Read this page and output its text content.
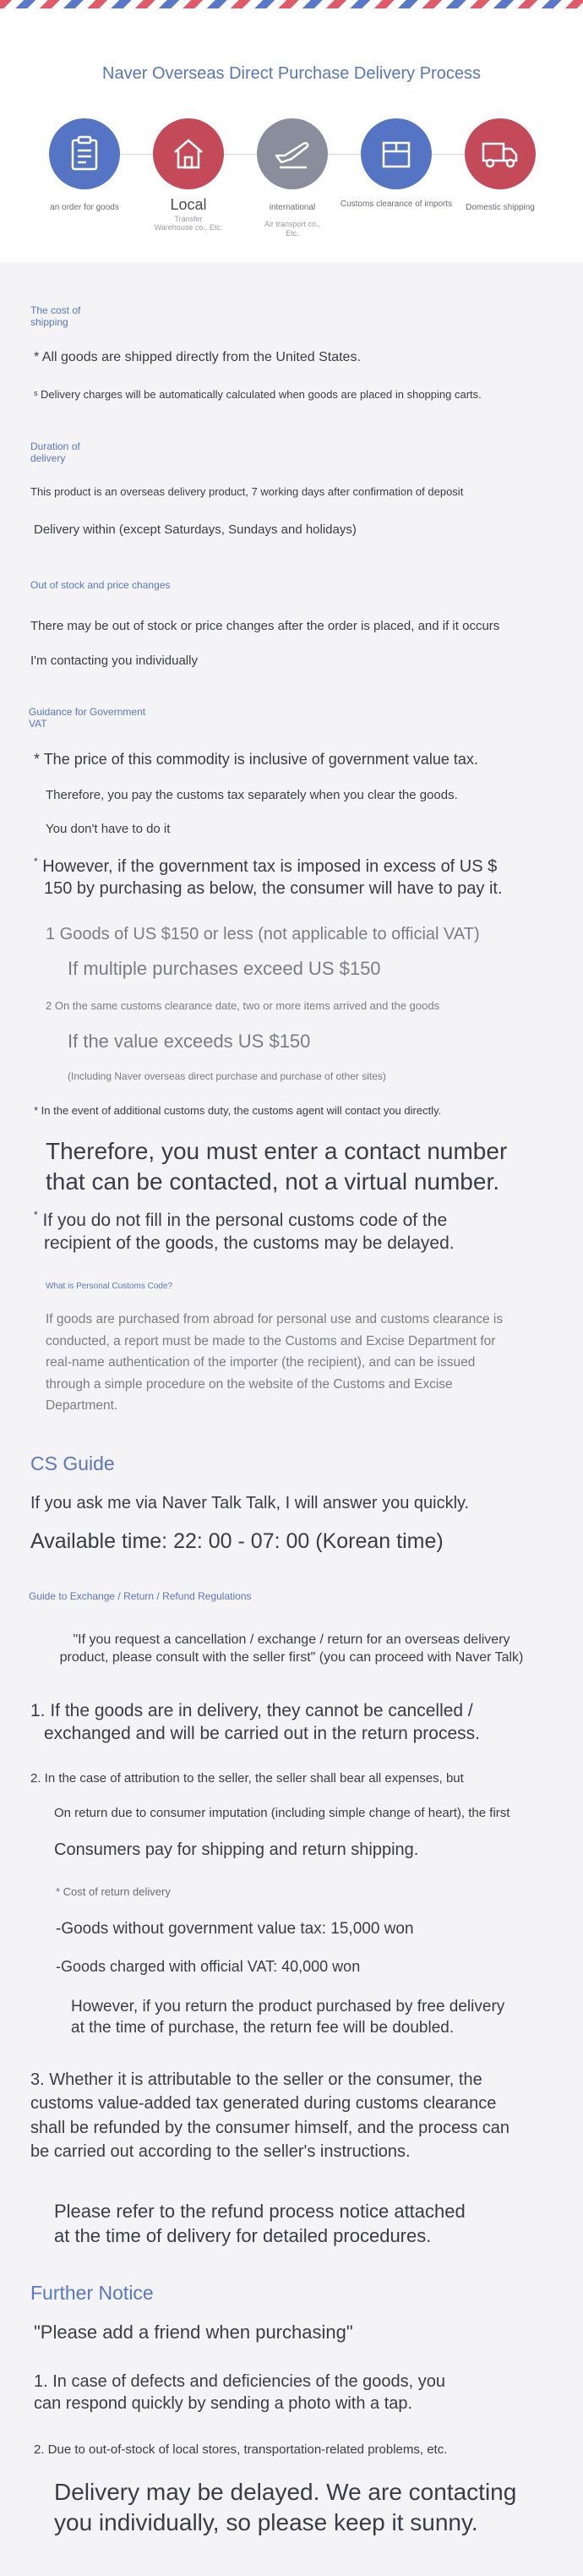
Naver Overseas Direct Purchase Delivery Process
an order for goods	Local
Transfer
Warehouse co., Etc.
international
Air transport co.,
Etc.
Customs clearance of imports	Domestic shipping
The cost of
shipping
* All goods are shipped directly from the United States.
ˢ Delivery charges will be automatically calculated when goods are placed in shopping carts.
Duration of
delivery
This product is an overseas delivery product, 7 working days after confirmation of deposit
Delivery within (except Saturdays, Sundays and holidays)
Out of stock and price changes
There may be out of stock or price changes after the order is placed, and if it occurs
I'm contacting you individually
Guidance for Government
VAT
* The price of this commodity is inclusive of government value tax.
Therefore, you pay the customs tax separately when you clear the goods.
You don't have to do it
* However, if the government tax is imposed in excess of US $
150 by purchasing as below, the consumer will have to pay it.
1 Goods of US $150 or less (not applicable to official VAT)
If multiple purchases exceed US $150
2 On the same customs clearance date, two or more items arrived and the goods
If the value exceeds US $150
(Including Naver overseas direct purchase and purchase of other sites)
* In the event of additional customs duty, the customs agent will contact you directly.
Therefore, you must enter a contact number
that can be contacted, not a virtual number.
* If you do not fill in the personal customs code of the
recipient of the goods, the customs may be delayed.
What is Personal Customs Code?
If goods are purchased from abroad for personal use and customs clearance is conducted, a report must be made to the Customs and Excise Department for real-name authentication of the importer (the recipient), and can be issued through a simple procedure on the website of the Customs and Excise Department.
CS Guide
If you ask me via Naver Talk Talk, I will answer you quickly.
Available time: 22: 00 - 07: 00 (Korean time)
Guide to Exchange / Return / Refund Regulations
"If you request a cancellation / exchange / return for an overseas delivery
product, please consult with the seller first" (you can proceed with Naver Talk)
1. If the goods are in delivery, they cannot be cancelled /
exchanged and will be carried out in the return process.
2. In the case of attribution to the seller, the seller shall bear all expenses, but
On return due to consumer imputation (including simple change of heart), the first
Consumers pay for shipping and return shipping.
* Cost of return delivery
-Goods without government value tax: 15,000 won
-Goods charged with official VAT: 40,000 won
However, if you return the product purchased by free delivery
at the time of purchase, the return fee will be doubled.
3. Whether it is attributable to the seller or the consumer, the
customs value-added tax generated during customs clearance
shall be refunded by the consumer himself, and the process can
be carried out according to the seller's instructions.
Please refer to the refund process notice attached
at the time of delivery for detailed procedures.
Further Notice
"Please add a friend when purchasing"
1. In case of defects and deficiencies of the goods, you
can respond quickly by sending a photo with a tap.
2. Due to out-of-stock of local stores, transportation-related problems, etc.
Delivery may be delayed. We are contacting
you individually, so please keep it sunny.
